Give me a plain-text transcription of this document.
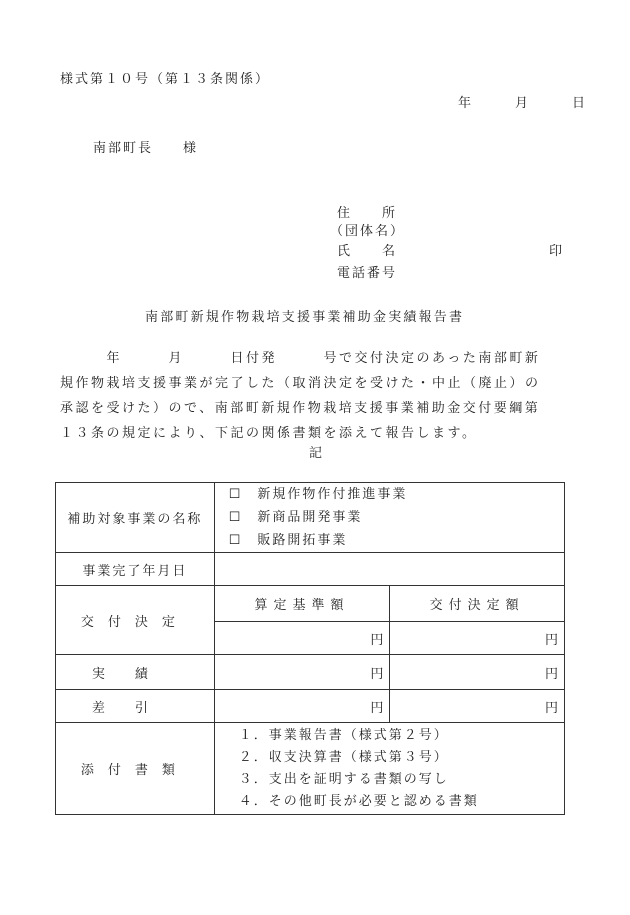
様式第１０号（第１３条関係）
年　　月　　日
南部町長　　様
住　　所
（団体名）
氏　　名	印
電話番号
南部町新規作物栽培支援事業補助金実績報告書
　　　年　　　月　　　日付発　　　号で交付決定のあった南部町新
規作物栽培支援事業が完了した（取消決定を受けた・中止（廃止）の
承認を受けた）ので、南部町新規作物栽培支援事業補助金交付要綱第
１３条の規定により、下記の関係書類を添えて報告します。
記
補助対象事業の名称	☐　新規作物作付推進事業
☐　新商品開発事業
☐　販路開拓事業	

事業完了年月日		
交付決定	算定基準額	交付決定額
	円	円
実績	円	円
差引	円	円
添付書類	１．事業報告書（様式第２号）
２．収支決算書（様式第３号）
３．支出を証明する書類の写し
４．その他町長が必要と認める書類	
